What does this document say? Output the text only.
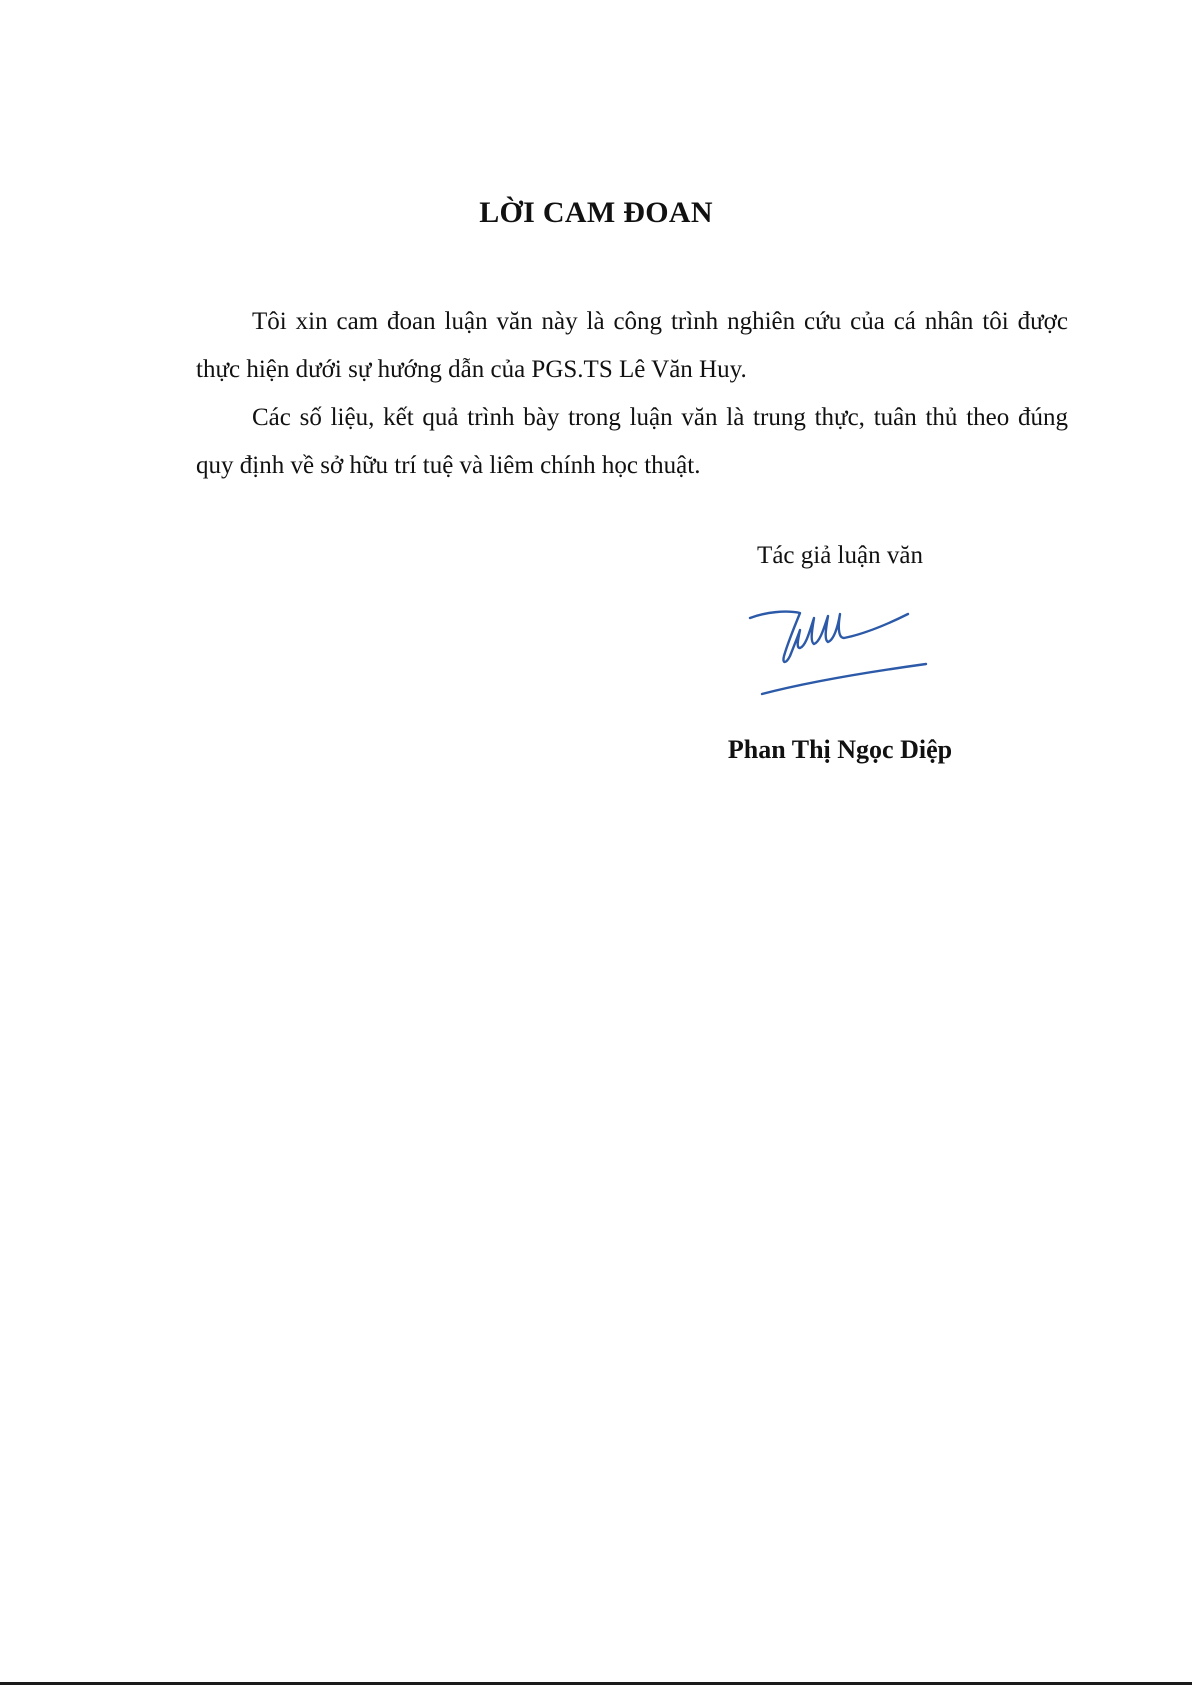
LỜI CAM ĐOAN

Tôi xin cam đoan luận văn này là công trình nghiên cứu của cá nhân tôi được thực hiện dưới sự hướng dẫn của PGS.TS Lê Văn Huy.

Các số liệu, kết quả trình bày trong luận văn là trung thực, tuân thủ theo đúng quy định về sở hữu trí tuệ và liêm chính học thuật.

Tác giả luận văn
Phan Thị Ngọc Diệp
